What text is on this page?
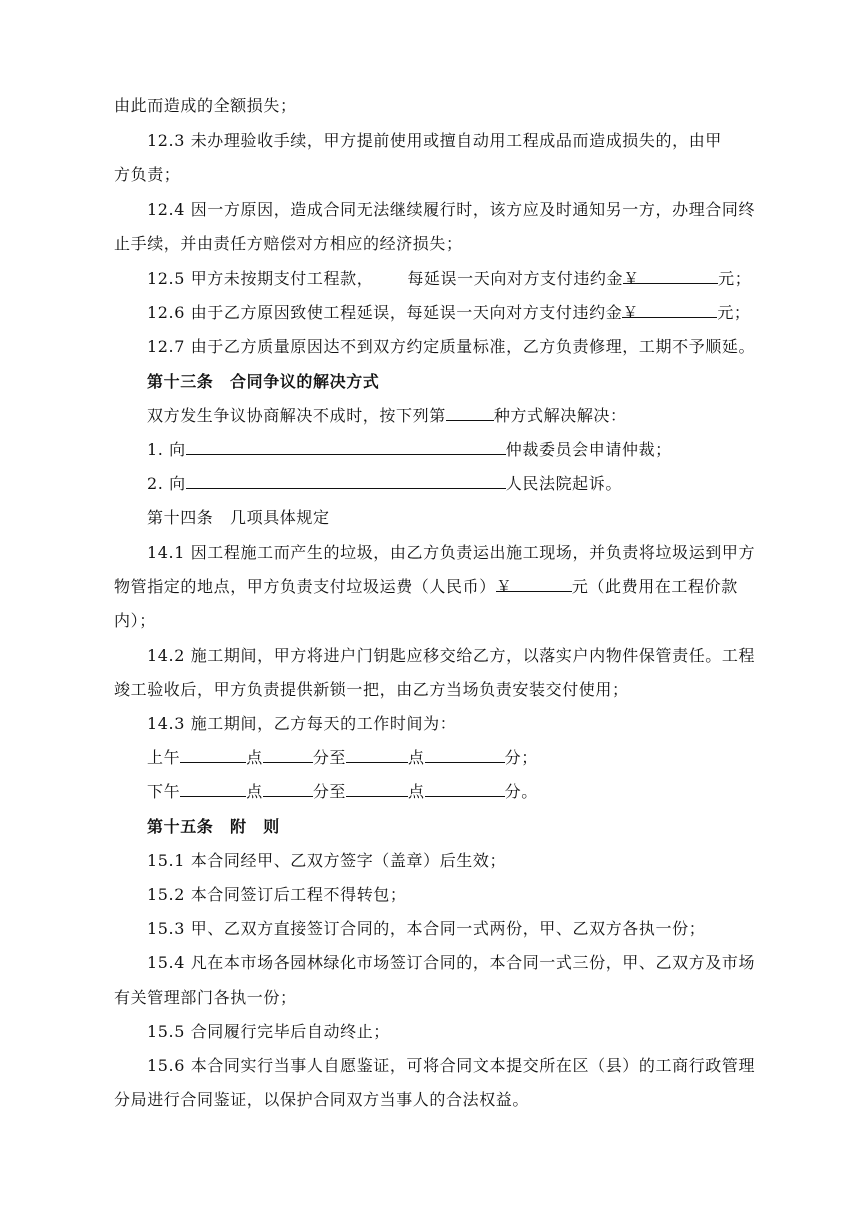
由此而造成的全额损失；
12.3 未办理验收手续，甲方提前使用或擅自动用工程成品而造成损失的，由甲
方负责；
12.4 因一方原因，造成合同无法继续履行时，该方应及时通知另一方，办理合同终
止手续，并由责任方赔偿对方相应的经济损失；
12.5 甲方未按期支付工程款， 每延误一天向对方支付违约金￥	元；
12.6 由于乙方原因致使工程延误，每延误一天向对方支付违约金￥	元；
12.7 由于乙方质量原因达不到双方约定质量标准，乙方负责修理，工期不予顺延。
第十三条　合同争议的解决方式
双方发生争议协商解决不成时，按下列第	种方式解决解决：
1. 向	仲裁委员会申请仲裁；
2. 向	人民法院起诉。
第十四条　几项具体规定
14.1 因工程施工而产生的垃圾，由乙方负责运出施工现场，并负责将垃圾运到甲方
物管指定的地点，甲方负责支付垃圾运费（人民币）￥	元（此费用在工程价款
内）；
14.2 施工期间，甲方将进户门钥匙应移交给乙方，以落实户内物件保管责任。工程
竣工验收后，甲方负责提供新锁一把，由乙方当场负责安装交付使用；
14.3 施工期间，乙方每天的工作时间为：
上午	点	分至	点	分；
下午	点	分至	点	分。
第十五条　附　则
15.1 本合同经甲、乙双方签字（盖章）后生效；
15.2 本合同签订后工程不得转包；
15.3 甲、乙双方直接签订合同的，本合同一式两份，甲、乙双方各执一份；
15.4 凡在本市场各园林绿化市场签订合同的，本合同一式三份，甲、乙双方及市场
有关管理部门各执一份；
15.5 合同履行完毕后自动终止；
15.6 本合同实行当事人自愿鉴证，可将合同文本提交所在区（县）的工商行政管理
分局进行合同鉴证，以保护合同双方当事人的合法权益。
